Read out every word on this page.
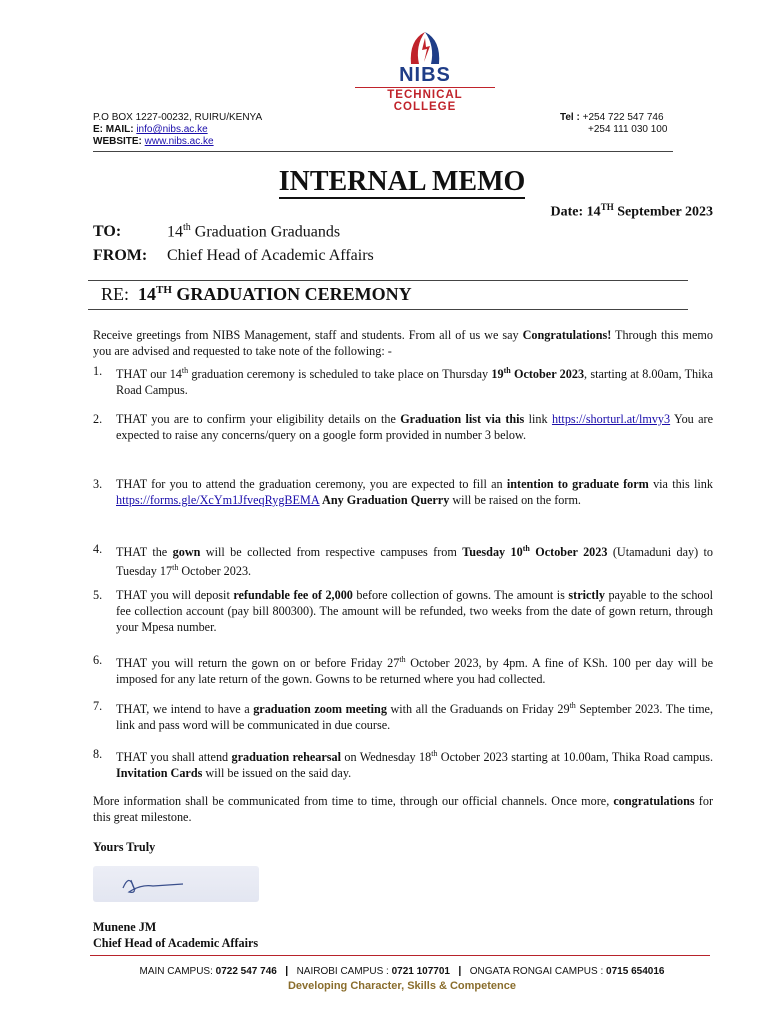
NIBS
TECHNICAL COLLEGE
P.O BOX 1227-00232, RUIRU/KENYA
E: MAIL: info@nibs.ac.ke
WEBSITE: www.nibs.ac.ke
Tel : +254 722 547 746
+254 111 030 100
INTERNAL MEMO
Date: 14TH September 2023
TO:	14th Graduation Graduands
FROM: Chief Head of Academic Affairs
RE: 14TH GRADUATION CEREMONY
Receive greetings from NIBS Management, staff and students. From all of us we say Congratulations! Through this memo you are advised and requested to take note of the following: -
1. THAT our 14th graduation ceremony is scheduled to take place on Thursday 19th October 2023, starting at 8.00am, Thika Road Campus.
2. THAT you are to confirm your eligibility details on the Graduation list via this link https://shorturl.at/lmvy3 You are expected to raise any concerns/query on a google form provided in number 3 below.
3. THAT for you to attend the graduation ceremony, you are expected to fill an intention to graduate form via this link https://forms.gle/XcYm1JfveqRygBEMA Any Graduation Querry will be raised on the form.
4. THAT the gown will be collected from respective campuses from Tuesday 10th October 2023 (Utamaduni day) to Tuesday 17th October 2023.
5. THAT you will deposit refundable fee of 2,000 before collection of gowns. The amount is strictly payable to the school fee collection account (pay bill 800300). The amount will be refunded, two weeks from the date of gown return, through your Mpesa number.
6. THAT you will return the gown on or before Friday 27th October 2023, by 4pm. A fine of KSh. 100 per day will be imposed for any late return of the gown. Gowns to be returned where you had collected.
7. THAT, we intend to have a graduation zoom meeting with all the Graduands on Friday 29th September 2023. The time, link and pass word will be communicated in due course.
8. THAT you shall attend graduation rehearsal on Wednesday 18th October 2023 starting at 10.00am, Thika Road campus. Invitation Cards will be issued on the said day.
More information shall be communicated from time to time, through our official channels. Once more, congratulations for this great milestone.
Yours Truly
Munene JM
Chief Head of Academic Affairs
MAIN CAMPUS: 0722 547 746 I NAIROBI CAMPUS : 0721 107701 I ONGATA RONGAI CAMPUS : 0715 654016
Developing Character, Skills & Competence
